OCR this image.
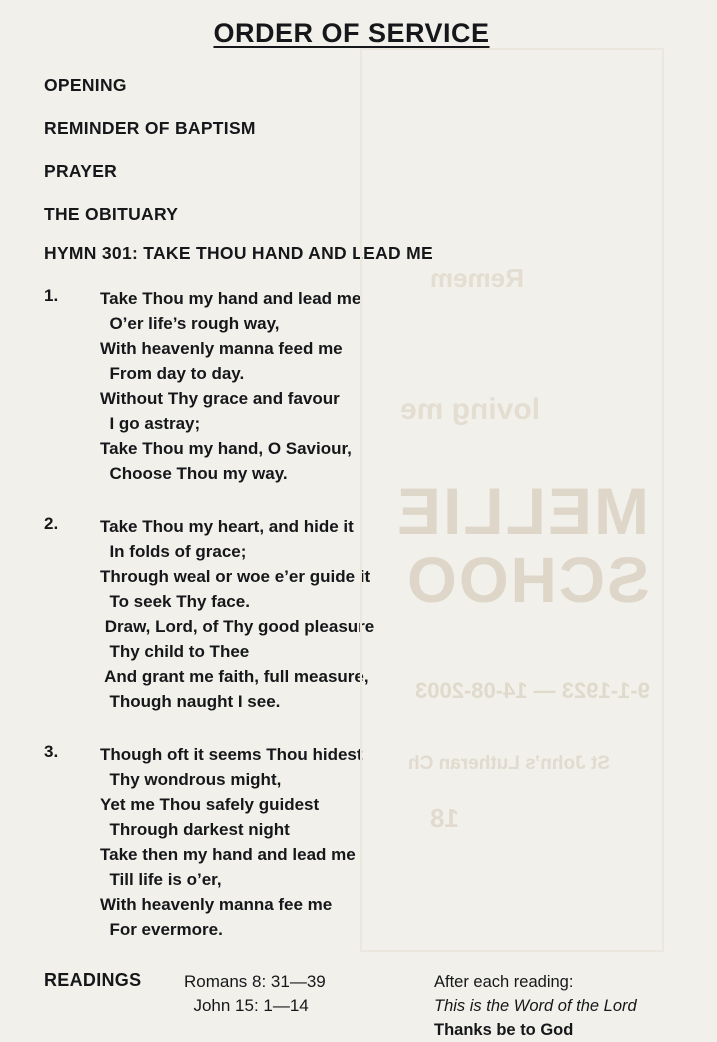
Remem
loving me
MELLIE
SCHOO
9-1-1923 — 14-08-2003
St John’s Lutheran Ch
18
ORDER OF SERVICE
OPENING
REMINDER OF BAPTISM
PRAYER
THE OBITUARY
HYMN 301: TAKE THOU HAND AND LEAD ME
1.	Take Thou my hand and lead me
O’er life’s rough way,
With heavenly manna feed me
From day to day.
Without Thy grace and favour
I go astray;
Take Thou my hand, O Saviour,
Choose Thou my way.
2.	Take Thou my heart, and hide it
In folds of grace;
Through weal or woe e’er guide it
To seek Thy face.
Draw, Lord, of Thy good pleasure
Thy child to Thee
And grant me faith, full measure,
Though naught I see.
3.	Though oft it seems Thou hidest
Thy wondrous might,
Yet me Thou safely guidest
Through darkest night
Take then my hand and lead me
Till life is o’er,
With heavenly manna fee me
For evermore.
READINGS	Romans 8: 31—39
John 15: 1—14
After each reading:
This is the Word of the Lord
Thanks be to God
